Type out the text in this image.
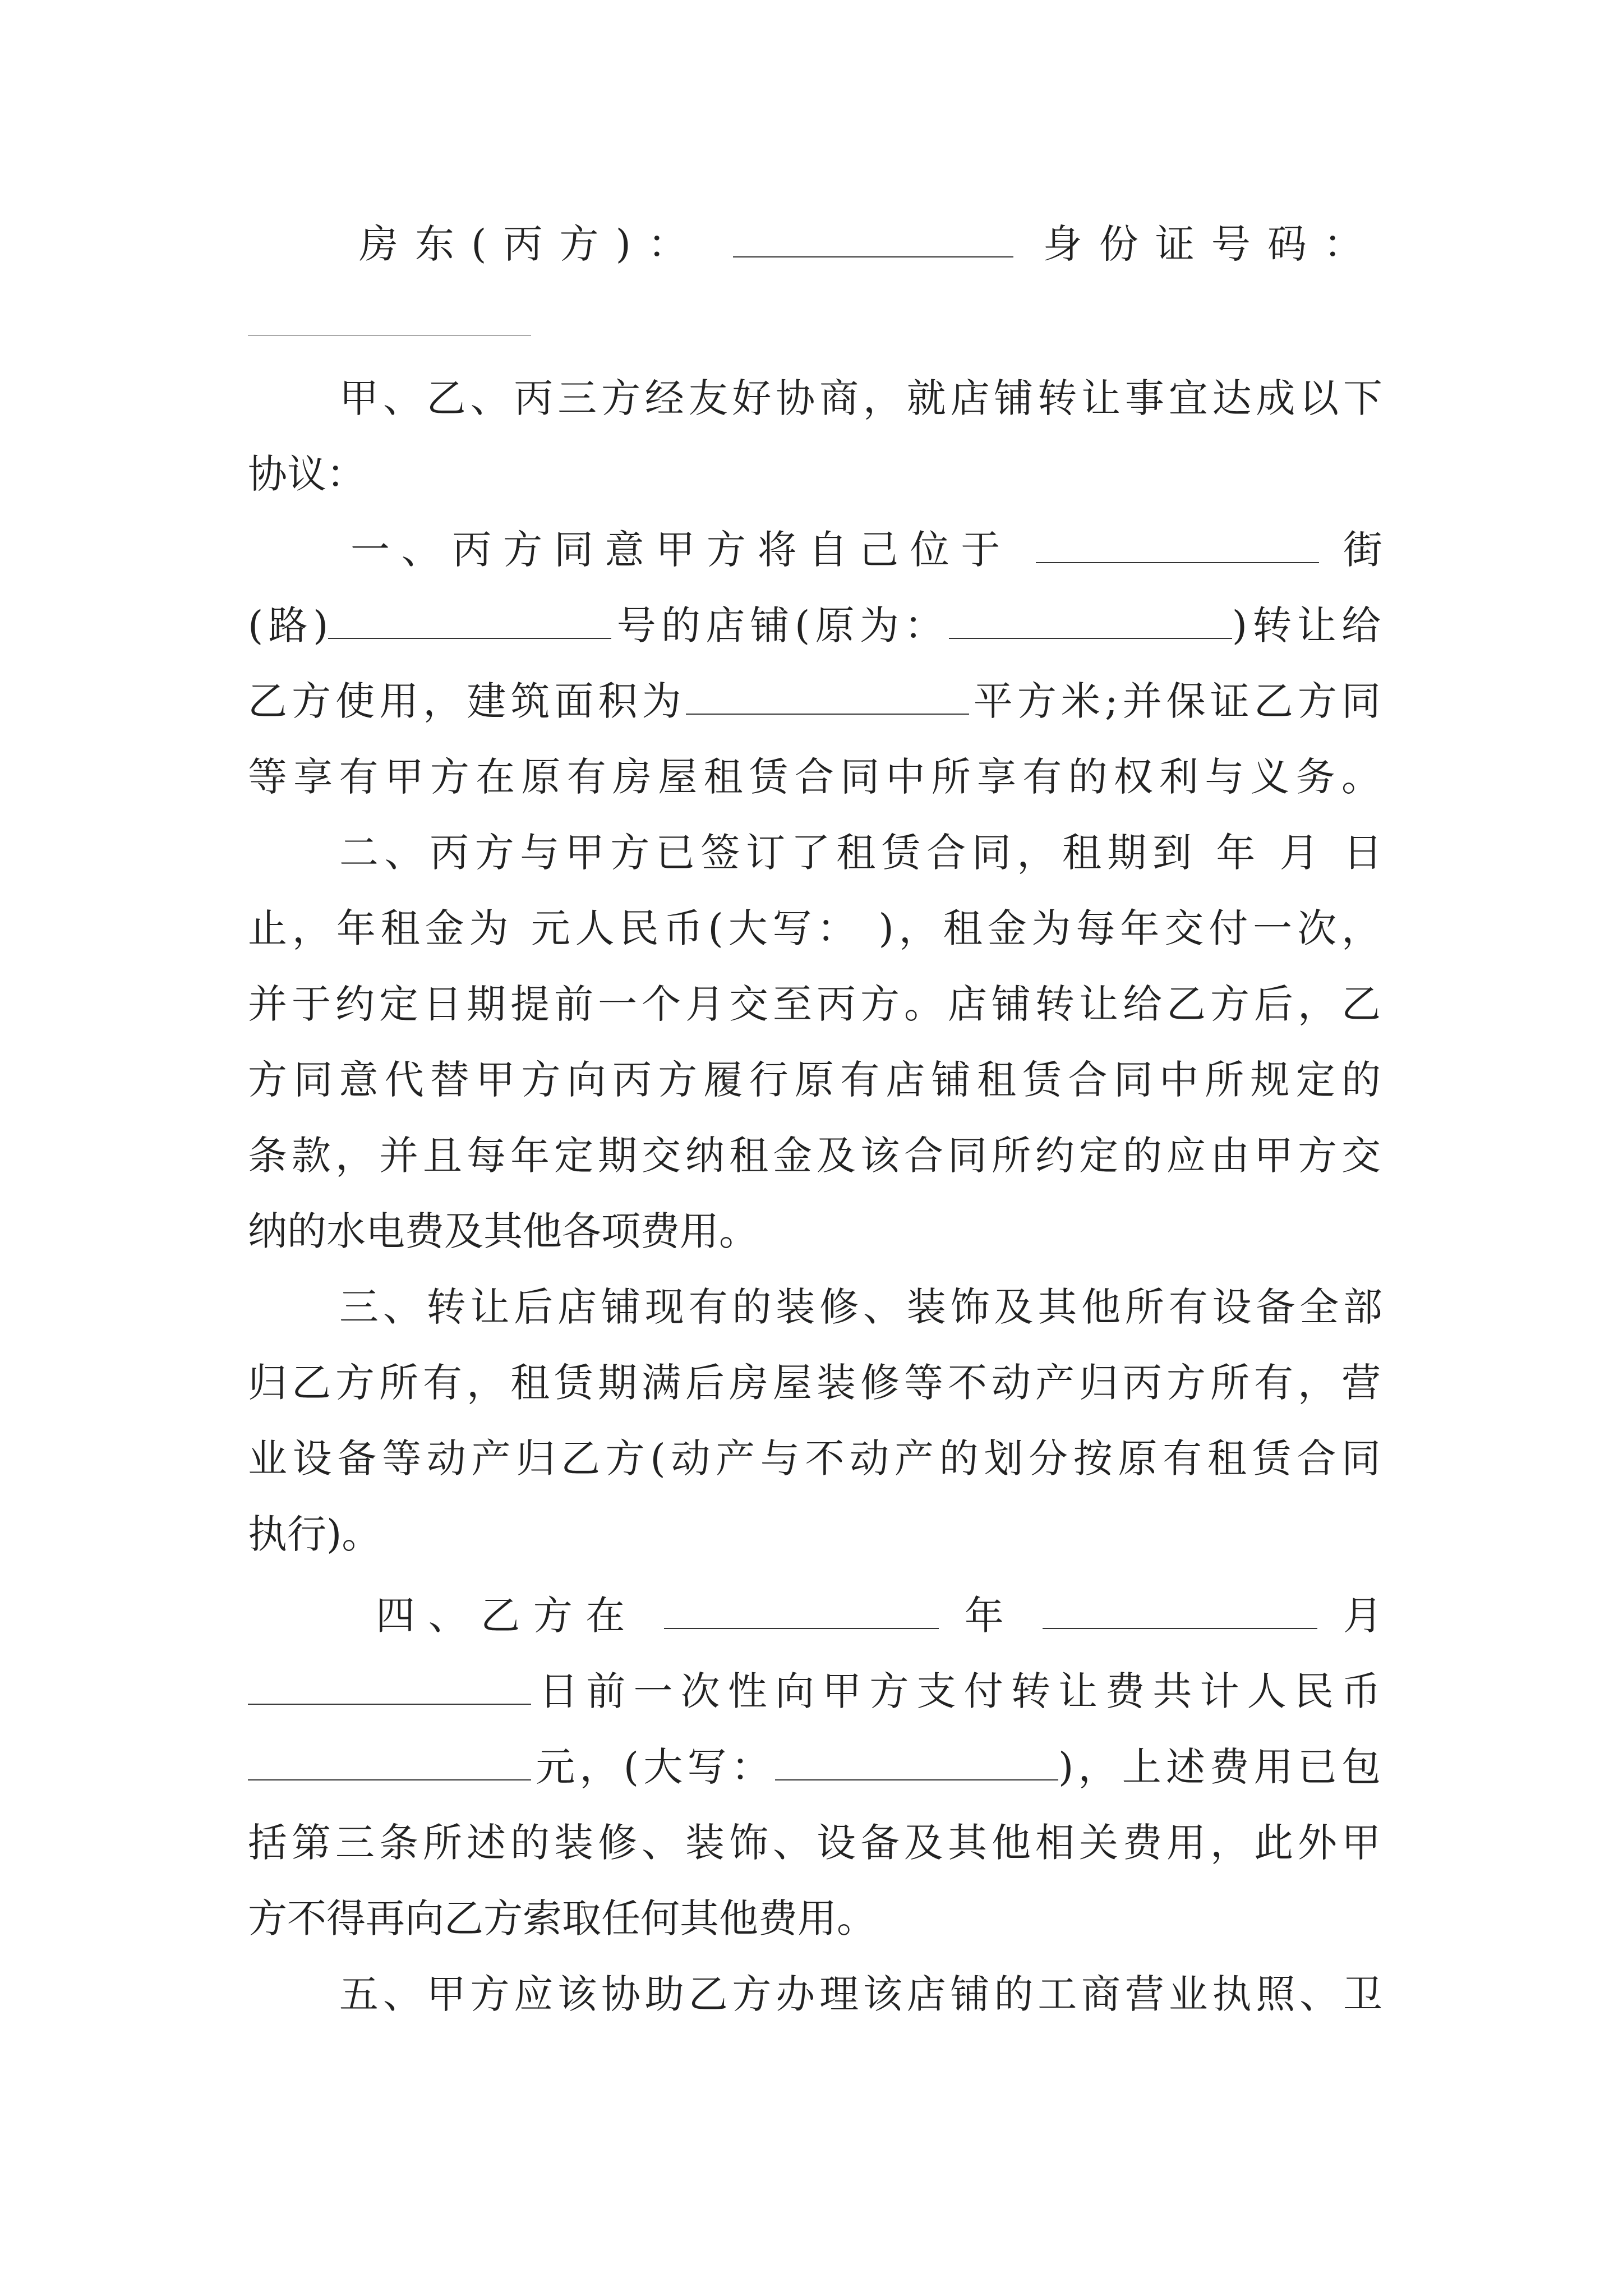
房东(丙方)：	身份证号码：
甲、乙、丙三方经友好协商，就店铺转让事宜达成以下
协议：
一、丙方同意甲方将自己位于	街
(路)	号的店铺(原为：	)转让给
乙方使用，建筑面积为	平方米;并保证乙方同
等享有甲方在原有房屋租赁合同中所享有的权利与义务。
二、丙方与甲方已签订了租赁合同，租期到 年 月 日
止，年租金为 元人民币(大写： )，租金为每年交付一次，
并于约定日期提前一个月交至丙方。店铺转让给乙方后，乙
方同意代替甲方向丙方履行原有店铺租赁合同中所规定的
条款，并且每年定期交纳租金及该合同所约定的应由甲方交
纳的水电费及其他各项费用。
三、转让后店铺现有的装修、装饰及其他所有设备全部
归乙方所有，租赁期满后房屋装修等不动产归丙方所有，营
业设备等动产归乙方(动产与不动产的划分按原有租赁合同
执行)。
四、乙方在	年	月
日前一次性向甲方支付转让费共计人民币
元，(大写：	)，上述费用已包
括第三条所述的装修、装饰、设备及其他相关费用，此外甲
方不得再向乙方索取任何其他费用。
五、甲方应该协助乙方办理该店铺的工商营业执照、卫
